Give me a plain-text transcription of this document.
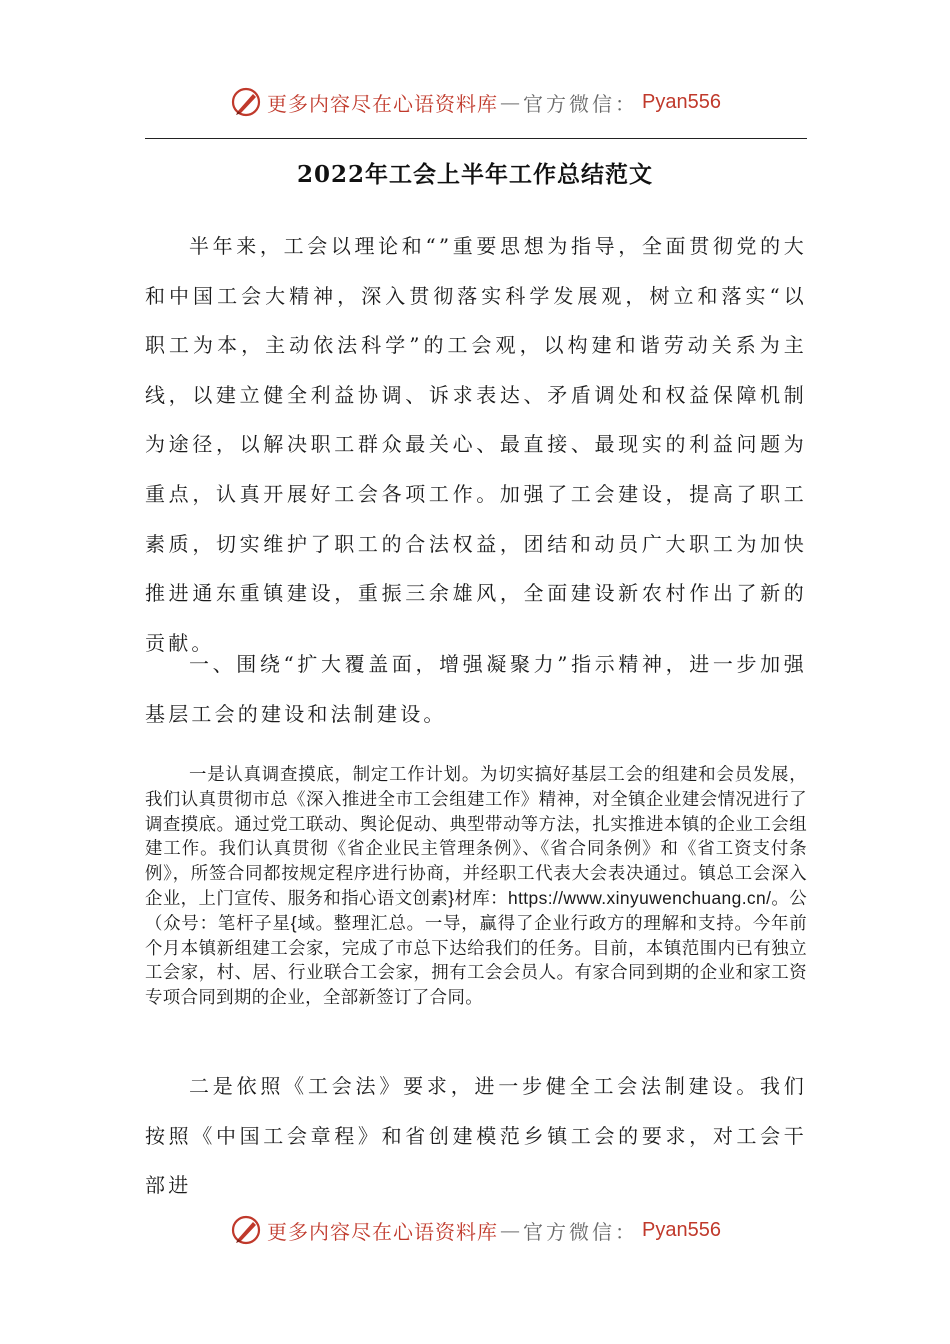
更多内容尽在心语资料库 — 官方微信： Pyan556
2022年工会上半年工作总结范文

半年来，工会以理论和“”重要思想为指导，全面贯彻党的大和中国工会大精神，深入贯彻落实科学发展观，树立和落实“以职工为本，主动依法科学”的工会观，以构建和谐劳动关系为主线，以建立健全利益协调、诉求表达、矛盾调处和权益保障机制为途径，以解决职工群众最关心、最直接、最现实的利益问题为重点，认真开展好工会各项工作。加强了工会建设，提高了职工素质，切实维护了职工的合法权益，团结和动员广大职工为加快推进通东重镇建设，重振三余雄风，全面建设新农村作出了新的贡献。

一、围绕“扩大覆盖面，增强凝聚力”指示精神，进一步加强基层工会的建设和法制建设。

一是认真调查摸底，制定工作计划。为切实搞好基层工会的组建和会员发展，我们认真贯彻市总《深入推进全市工会组建工作》精神，对全镇企业建会情况进行了调查摸底。通过党工联动、舆论促动、典型带动等方法，扎实推进本镇的企业工会组建工作。我们认真贯彻《省企业民主管理条例》、《省合同条例》和《省工资支付条例》，所签合同都按规定程序进行协商，并经职工代表大会表决通过。镇总工会深入企业，上门宣传、服务和指心语文创素}材库：https://www.xinyuwenchuang.cn/。公（众号：笔杆子星{域。整理汇总。一导，赢得了企业行政方的理解和支持。今年前个月本镇新组建工会家，完成了市总下达给我们的任务。目前，本镇范围内已有独立工会家，村、居、行业联合工会家，拥有工会会员人。有家合同到期的企业和家工资专项合同到期的企业，全部新签订了合同。

二是依照《工会法》要求，进一步健全工会法制建设。我们按照《中国工会章程》和省创建模范乡镇工会的要求，对工会干部进

更多内容尽在心语资料库 — 官方微信： Pyan556
